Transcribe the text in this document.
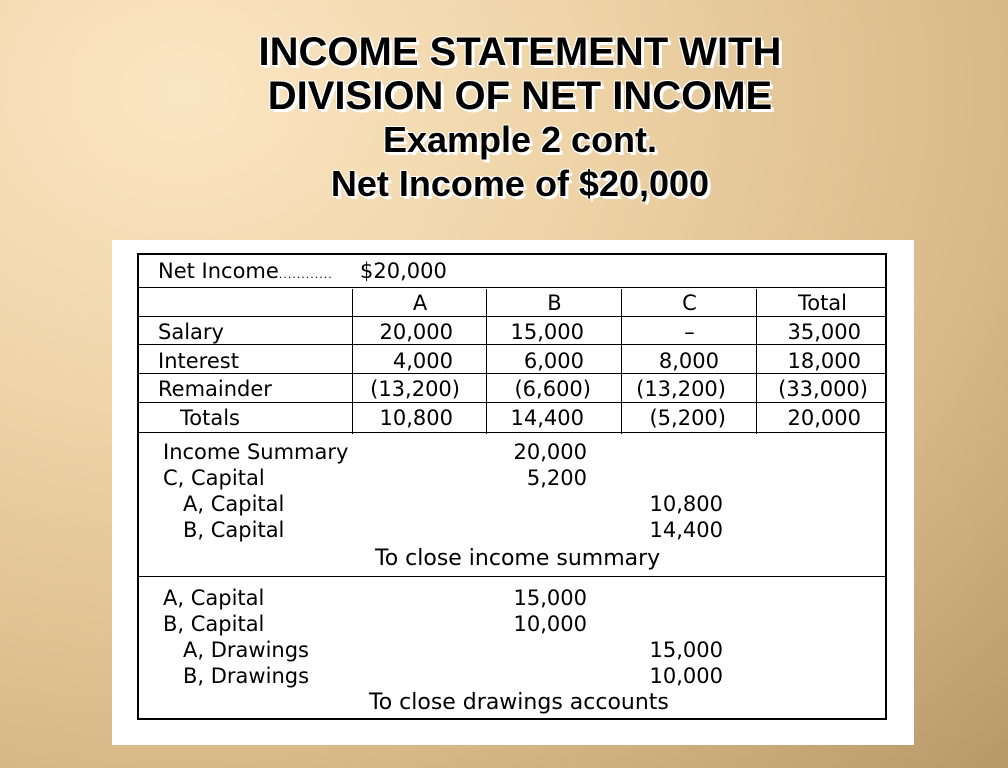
INCOME STATEMENT WITH
DIVISION OF NET INCOME
Example 2 cont.
Net Income of $20,000
Net Income............ $20,000
A	B	C	Total
Salary	20,000	15,000	–	35,000
Interest	4,000	6,000	8,000	18,000
Remainder	(13,200)	(6,600)	(13,200)	(33,000)
Totals	10,800	14,400	(5,200)	20,000
Income Summary	20,000
C, Capital	5,200
A, Capital	10,800
B, Capital	14,400
To close income summary
A, Capital	15,000
B, Capital	10,000
A, Drawings	15,000
B, Drawings	10,000
To close drawings accounts
